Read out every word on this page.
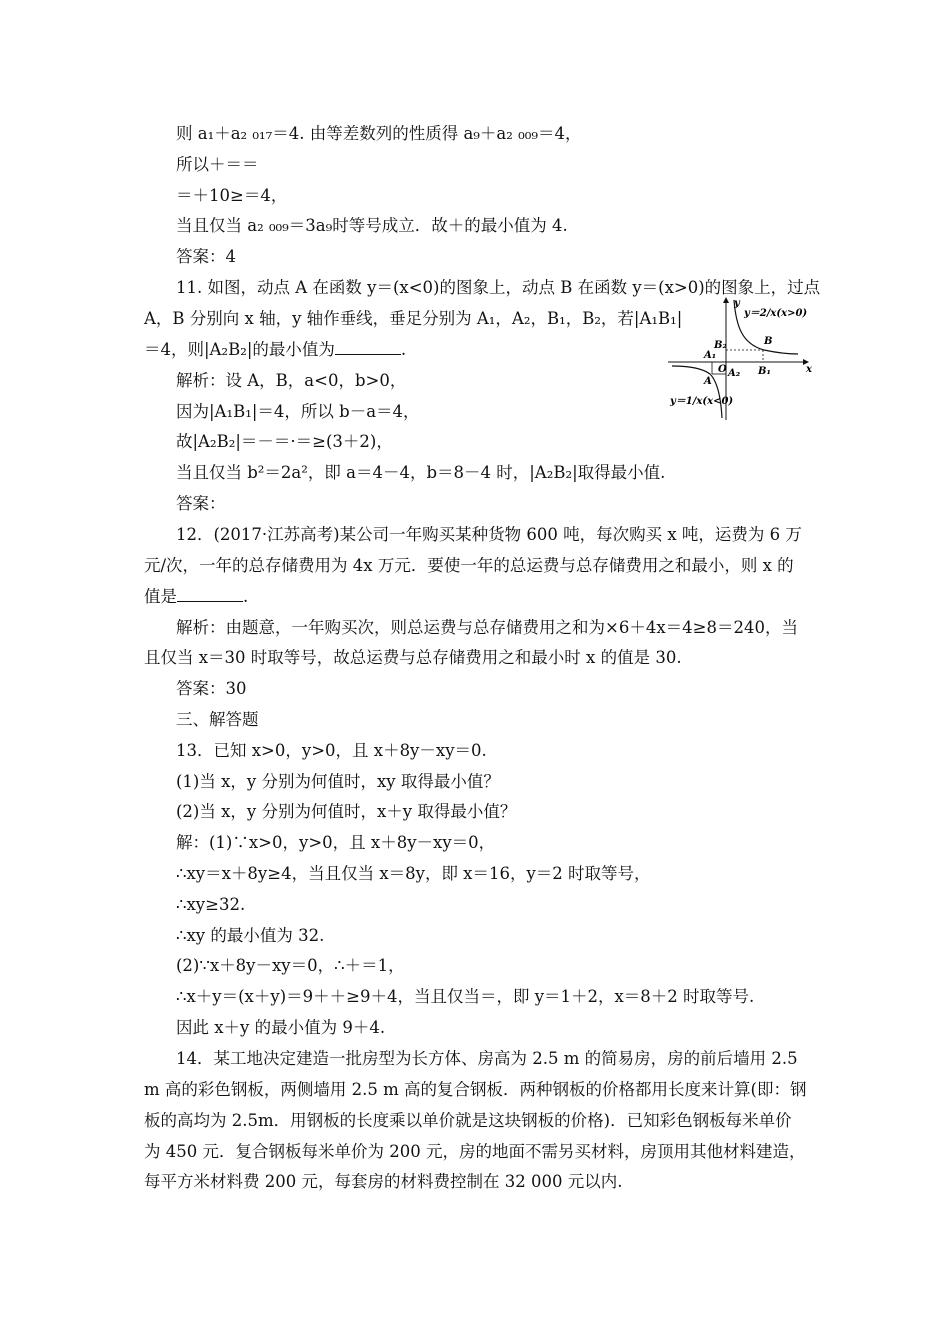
则 a₁＋a₂ ₀₁₇＝4. 由等差数列的性质得 a₉＋a₂ ₀₀₉＝4，
所以＋＝＝
＝＋10≥＝4，
当且仅当 a₂ ₀₀₉＝3a₉时等号成立．故＋的最小值为 4.
答案：4
11. 如图，动点 A 在函数 y＝(x<0)的图象上，动点 B 在函数 y＝(x>0)的图象上，过点
A，B 分别向 x 轴，y 轴作垂线，垂足分别为 A₁，A₂，B₁，B₂，若|A₁B₁|
＝4，则|A₂B₂|的最小值为	.
解析：设 A，B，a<0，b>0，
因为|A₁B₁|＝4，所以 b－a＝4，
故|A₂B₂|＝－＝·＝≥(3＋2)，
当且仅当 b²＝2a²，即 a＝4－4，b＝8－4 时，|A₂B₂|取得最小值.
答案：
y
x
O
y＝2/x(x>0)
y＝1/x(x<0)
B
A
A₁
A₂ B₁
B₂
12．(2017·江苏高考)某公司一年购买某种货物 600 吨，每次购买 x 吨，运费为 6 万
元/次，一年的总存储费用为 4x 万元．要使一年的总运费与总存储费用之和最小，则 x 的
值是	.
解析：由题意，一年购买次，则总运费与总存储费用之和为×6＋4x＝4≥8＝240，当
且仅当 x＝30 时取等号，故总运费与总存储费用之和最小时 x 的值是 30.
答案：30
三、解答题
13．已知 x>0，y>0，且 x＋8y－xy＝0.
(1)当 x，y 分别为何值时，xy 取得最小值？
(2)当 x，y 分别为何值时，x＋y 取得最小值？
解：(1)∵x>0，y>0，且 x＋8y－xy＝0，
∴xy＝x＋8y≥4，当且仅当 x＝8y，即 x＝16，y＝2 时取等号，
∴xy≥32.
∴xy 的最小值为 32.
(2)∵x＋8y－xy＝0，∴＋＝1，
∴x＋y＝(x＋y)＝9＋＋≥9＋4，当且仅当＝，即 y＝1＋2，x＝8＋2 时取等号.
因此 x＋y 的最小值为 9＋4.
14．某工地决定建造一批房型为长方体、房高为 2.5 m 的简易房，房的前后墙用 2.5
m 高的彩色钢板，两侧墙用 2.5 m 高的复合钢板．两种钢板的价格都用长度来计算(即：钢
板的高均为 2.5m．用钢板的长度乘以单价就是这块钢板的价格)．已知彩色钢板每米单价
为 450 元．复合钢板每米单价为 200 元，房的地面不需另买材料，房顶用其他材料建造，
每平方米材料费 200 元，每套房的材料费控制在 32 000 元以内.
